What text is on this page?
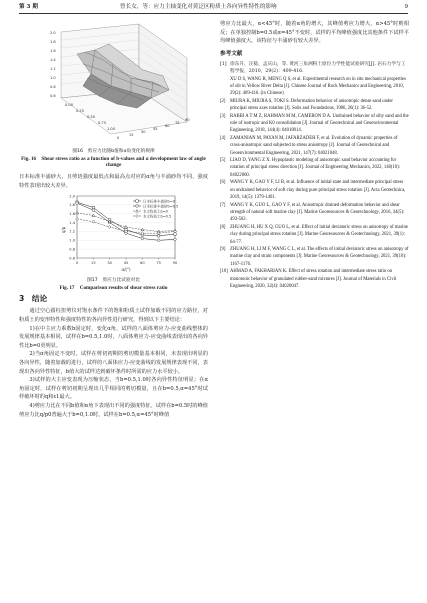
第 3 期	曾长女，等：应力主轴变化对黄泛区粉质土各向异性特性的影响	9
2.0
1.8
1.6
1.4
1.2
1.0
0.8
0.6
0.00
0.25
0.50
0.75
1.00
0
15
30
45
60
75
90
图16　剪应力比随b值和α角变化的规律
Fig. 16　Shear stress ratio as a function of b-values and α development law of angle change

日本标准丰浦砂大，且剪切强度最低点和最高点对应的α角与丰浦砂均不同，强度特性表现出较大差异。

2.0
1.8
1.6
1.4
1.2
1.0
0.8
0.6
0	15	30	45	60	75	90
q/p
α/(°)
日本标准丰浦砂b=0
日本标准丰浦砂b=0.5
本文粉质土b=0
本文粉质土b=0.5
图17　剪应力比试验对比
Fig. 17　Comparison results of shear stress ratio
3　结论

通过空心圆柱扭剪仪对饱水条件下的饱和粉质土试样加载不同的应力路径，对粉质土的变形特性和强度特性的各向异性进行研究，得到以下主要结论：

1)在中主应力系数b固定时，变化α角，试样的八面体剪应力-应变曲线整体的发展规律基本相同，试样在b=0.5,1.0时，八面体剪应力-应变曲线表现出的各向异性比b=0更明显。

2)当α角固定不变时，试样在剪切初期的剪切模量基本相同，未表现出明显的各向异性，随着加载的进行，试样的八面体应力-应变曲线的发展规律表现不同，表现出各向异性特征，b值大的试样达到破坏条件时所需的应力水平较小。

3)试样的大主应变表现为压缩状态，当b=0.5,1.0时各向异性特征明显；在α角固定时，试样在剪切初期呈现出几乎相同的剪切模量，且在b=0.5,α=45°时试样破坏时的q和ε1最大。

4)剪应力比在不同b值和α角下表现出不同的强度特征。试样在b=0.5时的峰值剪应力比q/p0普遍大于b=0,1.0时。试样在b=0.5,α=45°时峰值

剪应力比最大，α<45°时，随着α角的增大，其峰值剪应力增大，α>45°时则相反；在单独控制b=0.5或α=45°不变时，试样的平均峰值强度比其他条件下试样平均峰值强度大，该特征与丰浦砂有较大差异。

参考文献

[1] 徐东升，汪稔，孟庆山，等. 黄河三角洲粉土原位力学性能试验研究[J]. 岩石力学与工程学报，2010，29(2)：409-416.

XU D S, WANG R, MENG Q S, et al. Experimental research on in situ mechanical properties of silt in Yellow River Delta [J]. Chinese Journal of Rock Mechanics and Engineering, 2010, 29(2): 409-416. (in Chinese)

[2] MIURA K, MIURA S, TOKI S. Deformation behavior of anisotropic dense sand under principal stress axes rotation [J]. Soils and Foundations, 1986, 26(1): 36-52.

[3] RABBI A T M Z, RAHMAN M M, CAMERON D A. Undrained behavior of silty sand and the role of isotropic and K0 consolidation [J]. Journal of Geotechnical and Geoenvironmental Engineering, 2018, 144(4): 04018014.

[4] ZAMANIAN M, PAYAN M, JAFARZADEH F, et al. Evolution of dynamic properties of cross-anisotropic sand subjected to stress anisotropy [J]. Journal of Geotechnical and Geoenvironmental Engineering, 2021, 147(7): 04021048.

[5] LIAO D, YANG Z X. Hypoplastic modeling of anisotropic sand behavior accounting for rotation of principal stress direction [J]. Journal of Engineering Mechanics, 2022, 148(10): 04022060.

[6] WANG Y K, GAO Y F, LI B, et al. Influence of initial state and intermediate principal stress on undrained behavior of soft clay during pure principal stress rotation [J]. Acta Geotechnica, 2019, 14(5): 1379-1401.

[7] WANG Y K, GUO L, GAO Y F, et al. Anisotropic drained deformation behavior and shear strength of natural soft marine clay [J]. Marine Georesources & Geotechnology, 2016, 34(5): 493-502.

[8] ZHUANG H, HU X Q, GUO L, et al. Effect of initial deviatoric stress on anisotropy of marine clay during principal stress rotation [J]. Marine Georesources & Geotechnology, 2021, 39(1): 64-77.

[9] ZHUANG H, LI M F, WANG C L, et al. The effects of initial deviatoric stress on anisotropy of marine clay and strain components [J]. Marine Georesources & Geotechnology, 2021, 39(10): 1167-1176.

[10] AHMAD A, FAKHARIAN K. Effect of stress rotation and intermediate stress ratio on monotonic behavior of granulated rubber-sand mixtures [J]. Journal of Materials in Civil Engineering, 2020, 32(4): 04020047.
